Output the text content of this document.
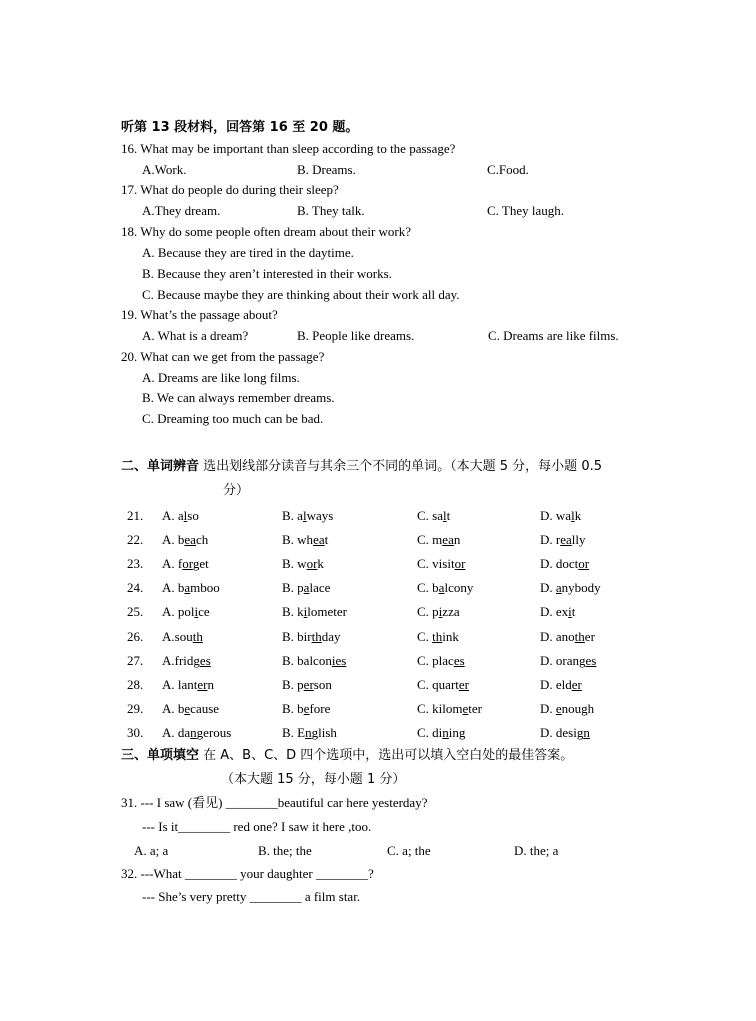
听第 13 段材料，回答第 16 至 20 题。
16. What may be important than sleep according to the passage?
A.Work.	B. Dreams.	C.Food.
17. What do people do during their sleep?
A.They dream.	B. They talk.	C. They laugh.
18. Why do some people often dream about their work?
A. Because they are tired in the daytime.
B. Because they aren’t interested in their works.
C. Because maybe they are thinking about their work all day.
19. What’s the passage about?
A. What is a dream?	B. People like dreams.	C. Dreams are like films.
20. What can we get from the passage?
A. Dreams are like long films.
B. We can always remember dreams.
C. Dreaming too much can be bad.
二、单词辨音 选出划线部分读音与其余三个不同的单词。（本大题 5 分，每小题 0.5
分）
21. A. also	B. always	C. salt	D. walk
22. A. beach	B. wheat	C. mean	D. really
23. A. forget	B. work	C. visitor	D. doctor
24. A. bamboo	B. palace	C. balcony	D. anybody
25. A. police	B. kilometer	C. pizza	D. exit
26. A.south	B. birthday	C. think	D. another
27. A.fridges	B. balconies	C. places	D. oranges
28. A. lantern	B. person	C. quarter	D. elder
29. A. because	B. before	C. kilometer	D. enough
30. A. dangerous	B. English	C. dining	D. design
三、单项填空 在 A、B、C、D 四个选项中，选出可以填入空白处的最佳答案。
（本大题 15 分，每小题 1 分）
31. --- I saw (看见) ________beautiful car here yesterday?
--- Is it________ red one? I saw it here ,too.
A. a; a	B. the; the	C. a; the	D. the; a
32. ---What ________ your daughter ________?
--- She’s very pretty ________ a film star.
